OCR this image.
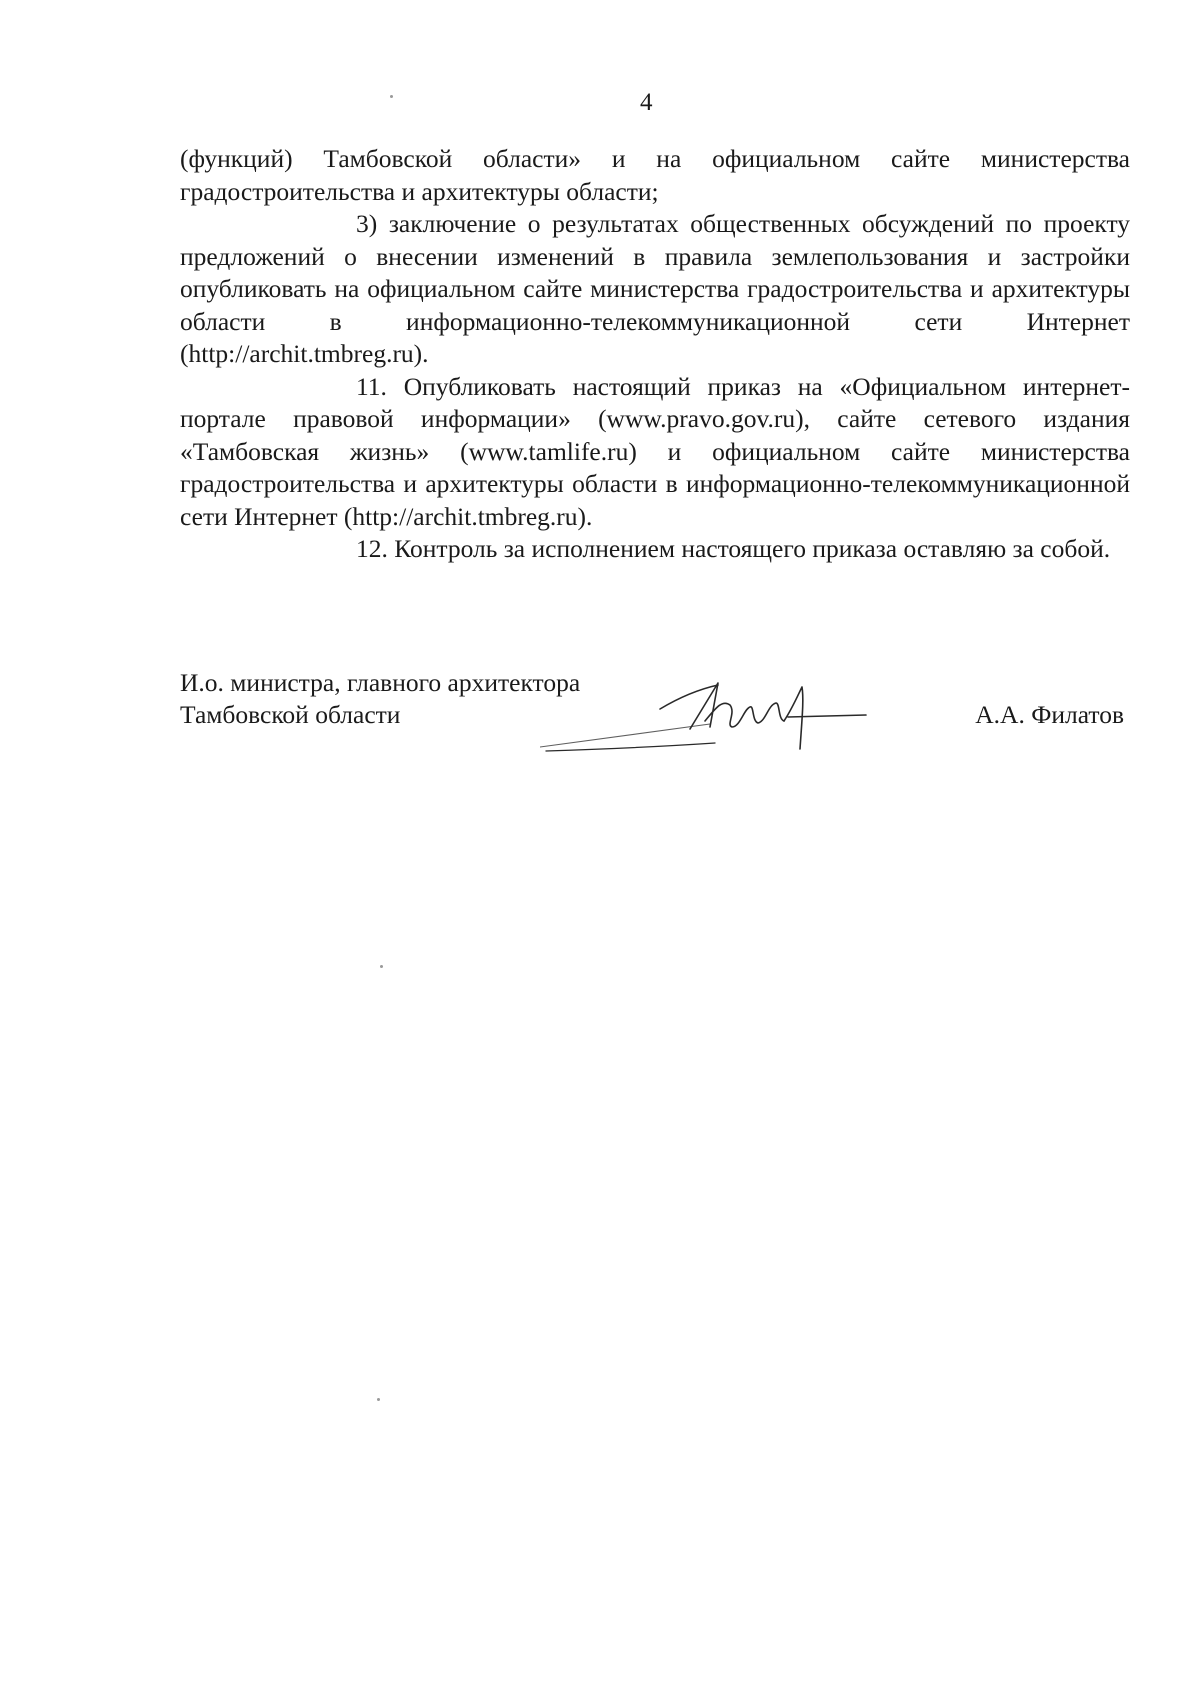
4

(функций) Тамбовской области» и на официальном сайте министерства градостроительства и архитектуры области;

3) заключение о результатах общественных обсуждений по проекту предложений о внесении изменений в правила землепользования и застройки опубликовать на официальном сайте министерства градостроительства и архитектуры области в информационно-телекоммуникационной сети Интернет (http://archit.tmbreg.ru).

11. Опубликовать настоящий приказ на «Официальном интернет-портале правовой информации» (www.pravo.gov.ru), сайте сетевого издания «Тамбовская жизнь» (www.tamlife.ru) и официальном сайте министерства градостроительства и архитектуры области в информационно-телекоммуникационной сети Интернет (http://archit.tmbreg.ru).

12. Контроль за исполнением настоящего приказа оставляю за собой.

И.о. министра, главного архитектора
Тамбовской области	А.А. Филатов
